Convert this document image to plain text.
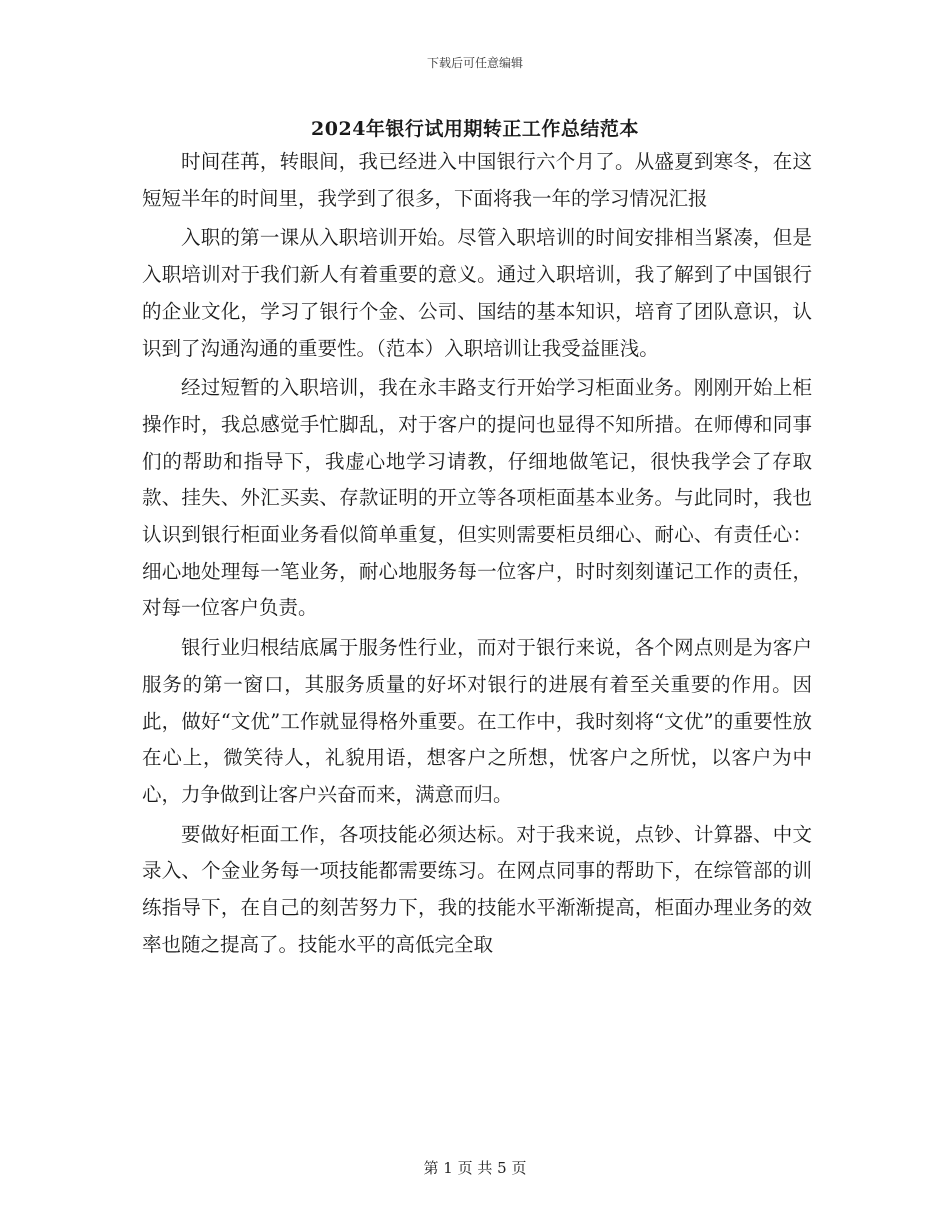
下载后可任意编辑
2024年银行试用期转正工作总结范本

时间荏苒，转眼间，我已经进入中国银行六个月了。从盛夏到寒冬，在这短短半年的时间里，我学到了很多，下面将我一年的学习情况汇报

入职的第一课从入职培训开始。尽管入职培训的时间安排相当紧凑，但是入职培训对于我们新人有着重要的意义。通过入职培训，我了解到了中国银行的企业文化，学习了银行个金、公司、国结的基本知识，培育了团队意识，认识到了沟通沟通的重要性。（范本）入职培训让我受益匪浅。

经过短暂的入职培训，我在永丰路支行开始学习柜面业务。刚刚开始上柜操作时，我总感觉手忙脚乱，对于客户的提问也显得不知所措。在师傅和同事们的帮助和指导下，我虚心地学习请教，仔细地做笔记，很快我学会了存取款、挂失、外汇买卖、存款证明的开立等各项柜面基本业务。与此同时，我也认识到银行柜面业务看似简单重复，但实则需要柜员细心、耐心、有责任心：细心地处理每一笔业务，耐心地服务每一位客户，时时刻刻谨记工作的责任，对每一位客户负责。

银行业归根结底属于服务性行业，而对于银行来说，各个网点则是为客户服务的第一窗口，其服务质量的好坏对银行的进展有着至关重要的作用。因此，做好“文优”工作就显得格外重要。在工作中，我时刻将“文优”的重要性放在心上，微笑待人，礼貌用语，想客户之所想，忧客户之所忧，以客户为中心，力争做到让客户兴奋而来，满意而归。

要做好柜面工作，各项技能必须达标。对于我来说，点钞、计算器、中文录入、个金业务每一项技能都需要练习。在网点同事的帮助下，在综管部的训练指导下，在自己的刻苦努力下，我的技能水平渐渐提高，柜面办理业务的效率也随之提高了。技能水平的高低完全取

第 1 页 共 5 页
